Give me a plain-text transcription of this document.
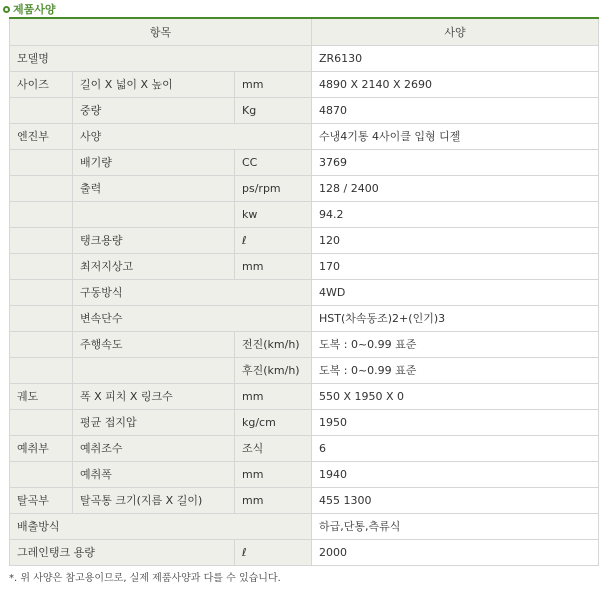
제품사양
항목			사양
모델명			ZR6130
사이즈	길이 X 넓이 X 높이	mm	4890 X 2140 X 2690
	중량	Kg	4870
엔진부	사양		수냉4기통 4사이클 입형 디젤
	배기량	CC	3769
	출력	ps/rpm	128 / 2400
		kw	94.2
	탱크용량	ℓ	120
	최저지상고	mm	170
	구동방식		4WD
	변속단수		HST(차속동조)2+(인기)3
	주행속도	전진(km/h)	도복 : 0~0.99 표준
		후진(km/h)	도복 : 0~0.99 표준
궤도	폭 X 피치 X 링크수	mm	550 X 1950 X 0
	평균 접지압	kg/cm	1950
예취부	예취조수	조식	6
	예취폭	mm	1940
탈곡부	탈곡통 크기(지름 X 길이)	mm	455 1300
배출방식			하급,단통,측류식
그레인탱크 용량		ℓ	2000
*. 위 사양은 참고용이므로, 실제 제품사양과 다를 수 있습니다.
